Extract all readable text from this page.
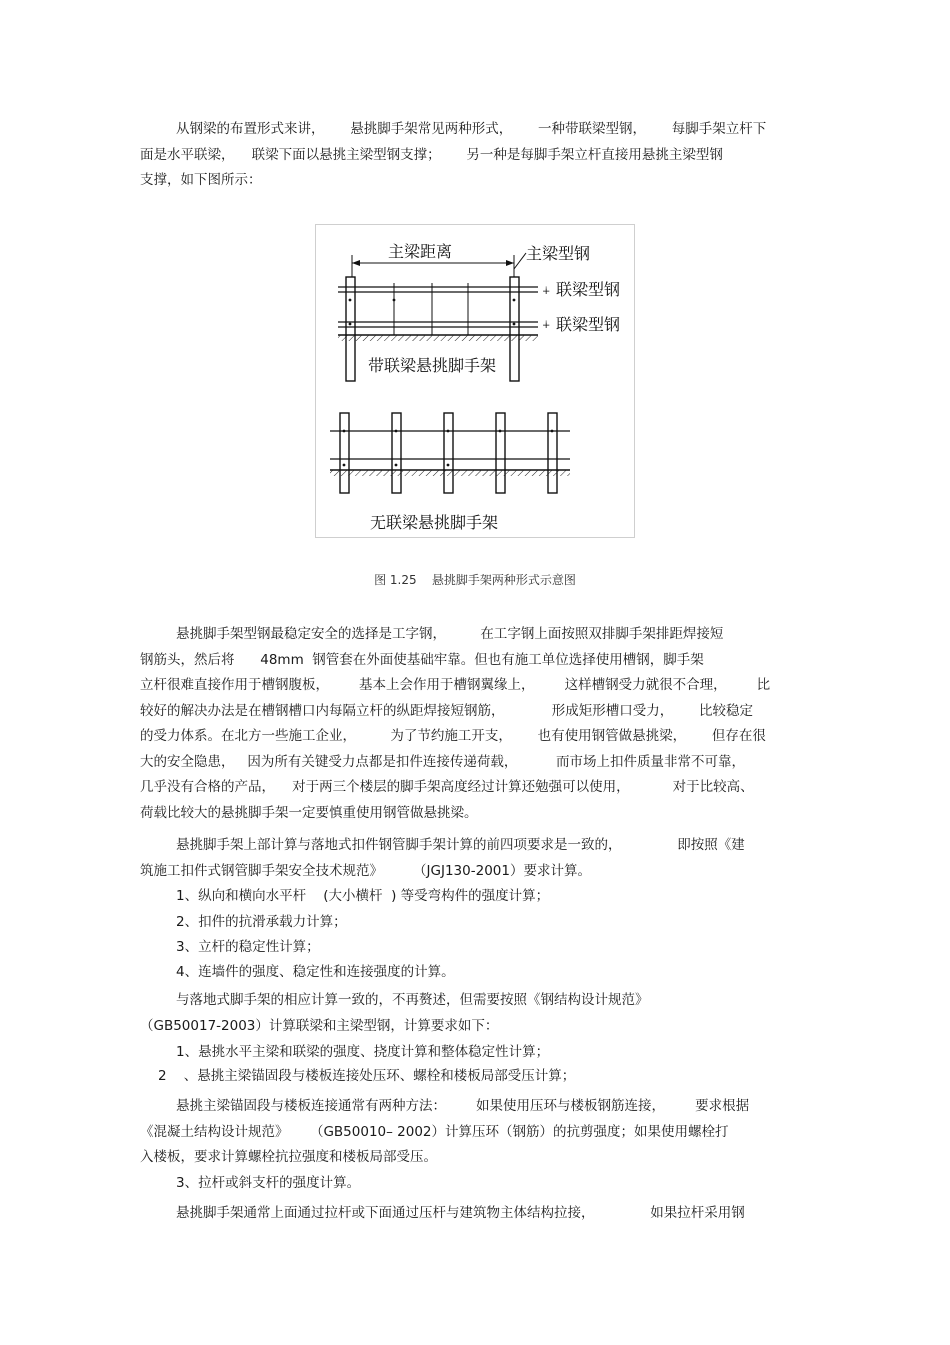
从钢梁的布置形式来讲，      悬挑脚手架常见两种形式，      一种带联梁型钢，      每脚手架立杆下
面是水平联梁，    联梁下面以悬挑主梁型钢支撑；      另一种是每脚手架立杆直接用悬挑主梁型钢
支撑，如下图所示：
主梁距离	主梁型钢
∔ 联梁型钢
∔ 联梁型钢
带联梁悬挑脚手架
无联梁悬挑脚手架
图 1.25    悬挑脚手架两种形式示意图
悬挑脚手架型钢最稳定安全的选择是工字钢，        在工字钢上面按照双排脚手架排距焊接短
钢筋头，然后将      48mm  钢管套在外面使基础牢靠。但也有施工单位选择使用槽钢，脚手架
立杆很难直接作用于槽钢腹板，       基本上会作用于槽钢翼缘上，       这样槽钢受力就很不合理，       比
较好的解决办法是在槽钢槽口内每隔立杆的纵距焊接短钢筋，           形成矩形槽口受力，      比较稳定
的受力体系。在北方一些施工企业，        为了节约施工开支，      也有使用钢管做悬挑梁，      但存在很
大的安全隐患，   因为所有关键受力点都是扣件连接传递荷载，         而市场上扣件质量非常不可靠，
几乎没有合格的产品，    对于两三个楼层的脚手架高度经过计算还勉强可以使用，          对于比较高、
荷载比较大的悬挑脚手架一定要慎重使用钢管做悬挑梁。
悬挑脚手架上部计算与落地式扣件钢管脚手架计算的前四项要求是一致的，             即按照《建
筑施工扣件式钢管脚手架安全技术规范》       （JGJ130-2001）要求计算。
1、纵向和横向水平杆    (大小横杆  ) 等受弯构件的强度计算；
2、扣件的抗滑承载力计算；
3、立杆的稳定性计算；
4、连墙件的强度、稳定性和连接强度的计算。
与落地式脚手架的相应计算一致的，不再赘述，但需要按照《钢结构设计规范》
（GB50017-2003）计算联梁和主梁型钢，计算要求如下：
1、悬挑水平主梁和联梁的强度、挠度计算和整体稳定性计算；
2    、悬挑主梁锚固段与楼板连接处压环、螺栓和楼板局部受压计算；
悬挑主梁锚固段与楼板连接通常有两种方法：       如果使用压环与楼板钢筋连接，       要求根据
《混凝土结构设计规范》     （GB50010– 2002）计算压环（钢筋）的抗剪强度；如果使用螺栓打
入楼板，要求计算螺栓抗拉强度和楼板局部受压。
3、拉杆或斜支杆的强度计算。
悬挑脚手架通常上面通过拉杆或下面通过压杆与建筑物主体结构拉接，             如果拉杆采用钢
